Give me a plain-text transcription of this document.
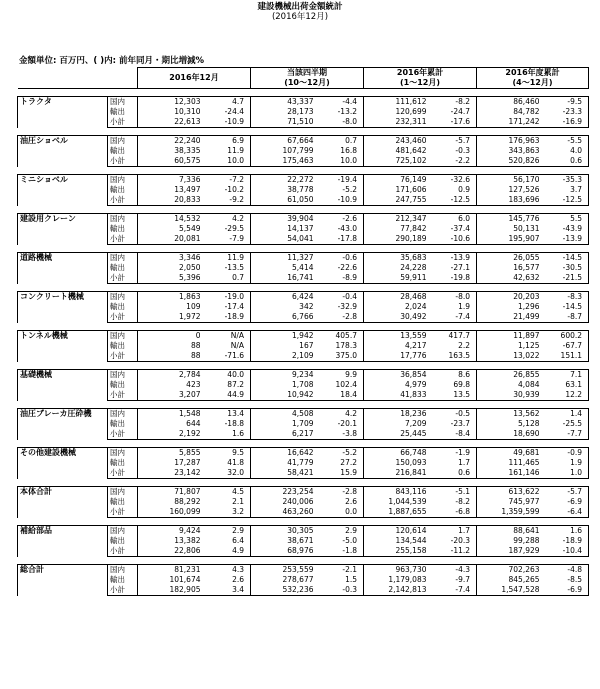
建設機械出荷金額統計
(2016年12月)
金額単位: 百万円、( )内: 前年同月・期比増減%
		2016年12月		当該四半期		2016年累計		2016年度累計	
				(10～12月)		(1～12月)		(4～12月)	

トラクタ	国内	12,303	4.7	43,337	-4.4	111,612	-8.2	86,460	-9.5
	輸出	10,310	-24.4	28,173	-13.2	120,699	-24.7	84,782	-23.3
	小計	22,613	-10.9	71,510	-8.0	232,311	-17.6	171,242	-16.9

油圧ショベル	国内	22,240	6.9	67,664	0.7	243,460	-5.7	176,963	-5.5
	輸出	38,335	11.9	107,799	16.8	481,642	-0.3	343,863	4.0
	小計	60,575	10.0	175,463	10.0	725,102	-2.2	520,826	0.6

ミニショベル	国内	7,336	-7.2	22,272	-19.4	76,149	-32.6	56,170	-35.3
	輸出	13,497	-10.2	38,778	-5.2	171,606	0.9	127,526	3.7
	小計	20,833	-9.2	61,050	-10.9	247,755	-12.5	183,696	-12.5

建設用クレーン	国内	14,532	4.2	39,904	-2.6	212,347	6.0	145,776	5.5
	輸出	5,549	-29.5	14,137	-43.0	77,842	-37.4	50,131	-43.9
	小計	20,081	-7.9	54,041	-17.8	290,189	-10.6	195,907	-13.9

道路機械	国内	3,346	11.9	11,327	-0.6	35,683	-13.9	26,055	-14.5
	輸出	2,050	-13.5	5,414	-22.6	24,228	-27.1	16,577	-30.5
	小計	5,396	0.7	16,741	-8.9	59,911	-19.8	42,632	-21.5

コンクリート機械	国内	1,863	-19.0	6,424	-0.4	28,468	-8.0	20,203	-8.3
	輸出	109	-17.4	342	-32.9	2,024	1.9	1,296	-14.5
	小計	1,972	-18.9	6,766	-2.8	30,492	-7.4	21,499	-8.7

トンネル機械	国内	0	N/A	1,942	405.7	13,559	417.7	11,897	600.2
	輸出	88	N/A	167	178.3	4,217	2.2	1,125	-67.7
	小計	88	-71.6	2,109	375.0	17,776	163.5	13,022	151.1

基礎機械	国内	2,784	40.0	9,234	9.9	36,854	8.6	26,855	7.1
	輸出	423	87.2	1,708	102.4	4,979	69.8	4,084	63.1
	小計	3,207	44.9	10,942	18.4	41,833	13.5	30,939	12.2

油圧ブレーカ圧砕機	国内	1,548	13.4	4,508	4.2	18,236	-0.5	13,562	1.4
	輸出	644	-18.8	1,709	-20.1	7,209	-23.7	5,128	-25.5
	小計	2,192	1.6	6,217	-3.8	25,445	-8.4	18,690	-7.7

その他建設機械	国内	5,855	9.5	16,642	-5.2	66,748	-1.9	49,681	-0.9
	輸出	17,287	41.8	41,779	27.2	150,093	1.7	111,465	1.9
	小計	23,142	32.0	58,421	15.9	216,841	0.6	161,146	1.0

本体合計	国内	71,807	4.5	223,254	-2.8	843,116	-5.1	613,622	-5.7
	輸出	88,292	2.1	240,006	2.6	1,044,539	-8.2	745,977	-6.9
	小計	160,099	3.2	463,260	0.0	1,887,655	-6.8	1,359,599	-6.4

補給部品	国内	9,424	2.9	30,305	2.9	120,614	1.7	88,641	1.6
	輸出	13,382	6.4	38,671	-5.0	134,544	-20.3	99,288	-18.9
	小計	22,806	4.9	68,976	-1.8	255,158	-11.2	187,929	-10.4

総合計	国内	81,231	4.3	253,559	-2.1	963,730	-4.3	702,263	-4.8
	輸出	101,674	2.6	278,677	1.5	1,179,083	-9.7	845,265	-8.5
	小計	182,905	3.4	532,236	-0.3	2,142,813	-7.4	1,547,528	-6.9
